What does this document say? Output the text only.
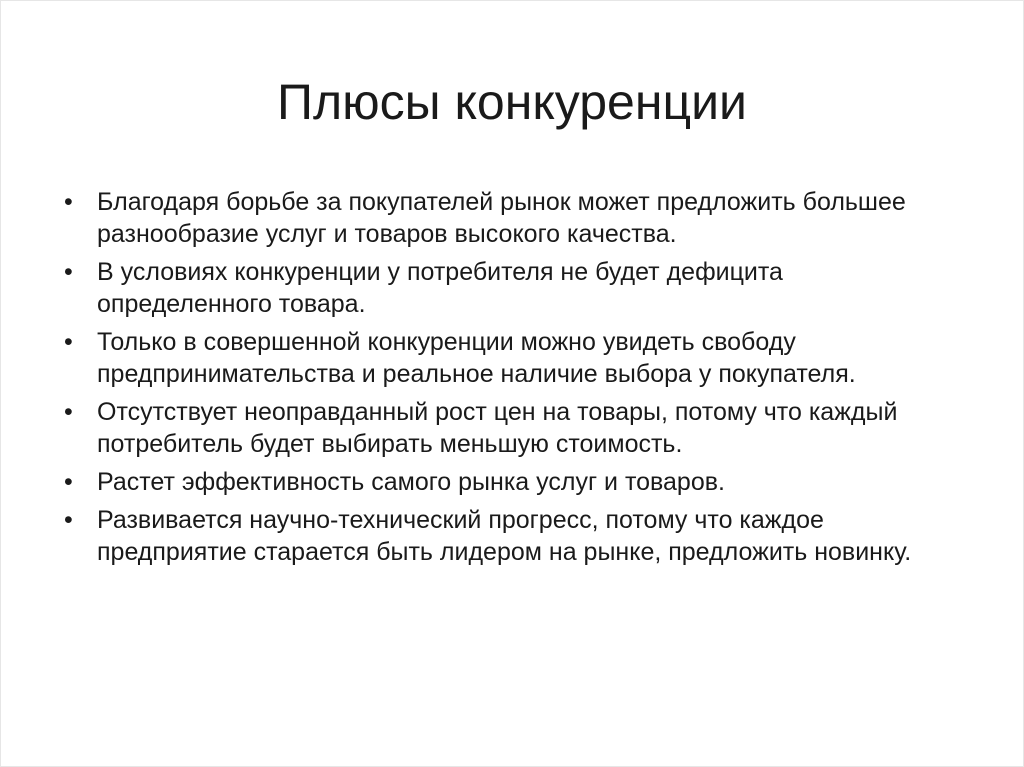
Плюсы конкуренции
• Благодаря борьбе за покупателей рынок может предложить большее разнообразие услуг и товаров высокого качества.
• В условиях конкуренции у потребителя не будет дефицита определенного товара.
• Только в совершенной конкуренции можно увидеть свободу предпринимательства и реальное наличие выбора у покупателя.
• Отсутствует неоправданный рост цен на товары, потому что каждый потребитель будет выбирать меньшую стоимость.
• Растет эффективность самого рынка услуг и товаров.
• Развивается научно-технический прогресс, потому что каждое предприятие старается быть лидером на рынке, предложить новинку.
